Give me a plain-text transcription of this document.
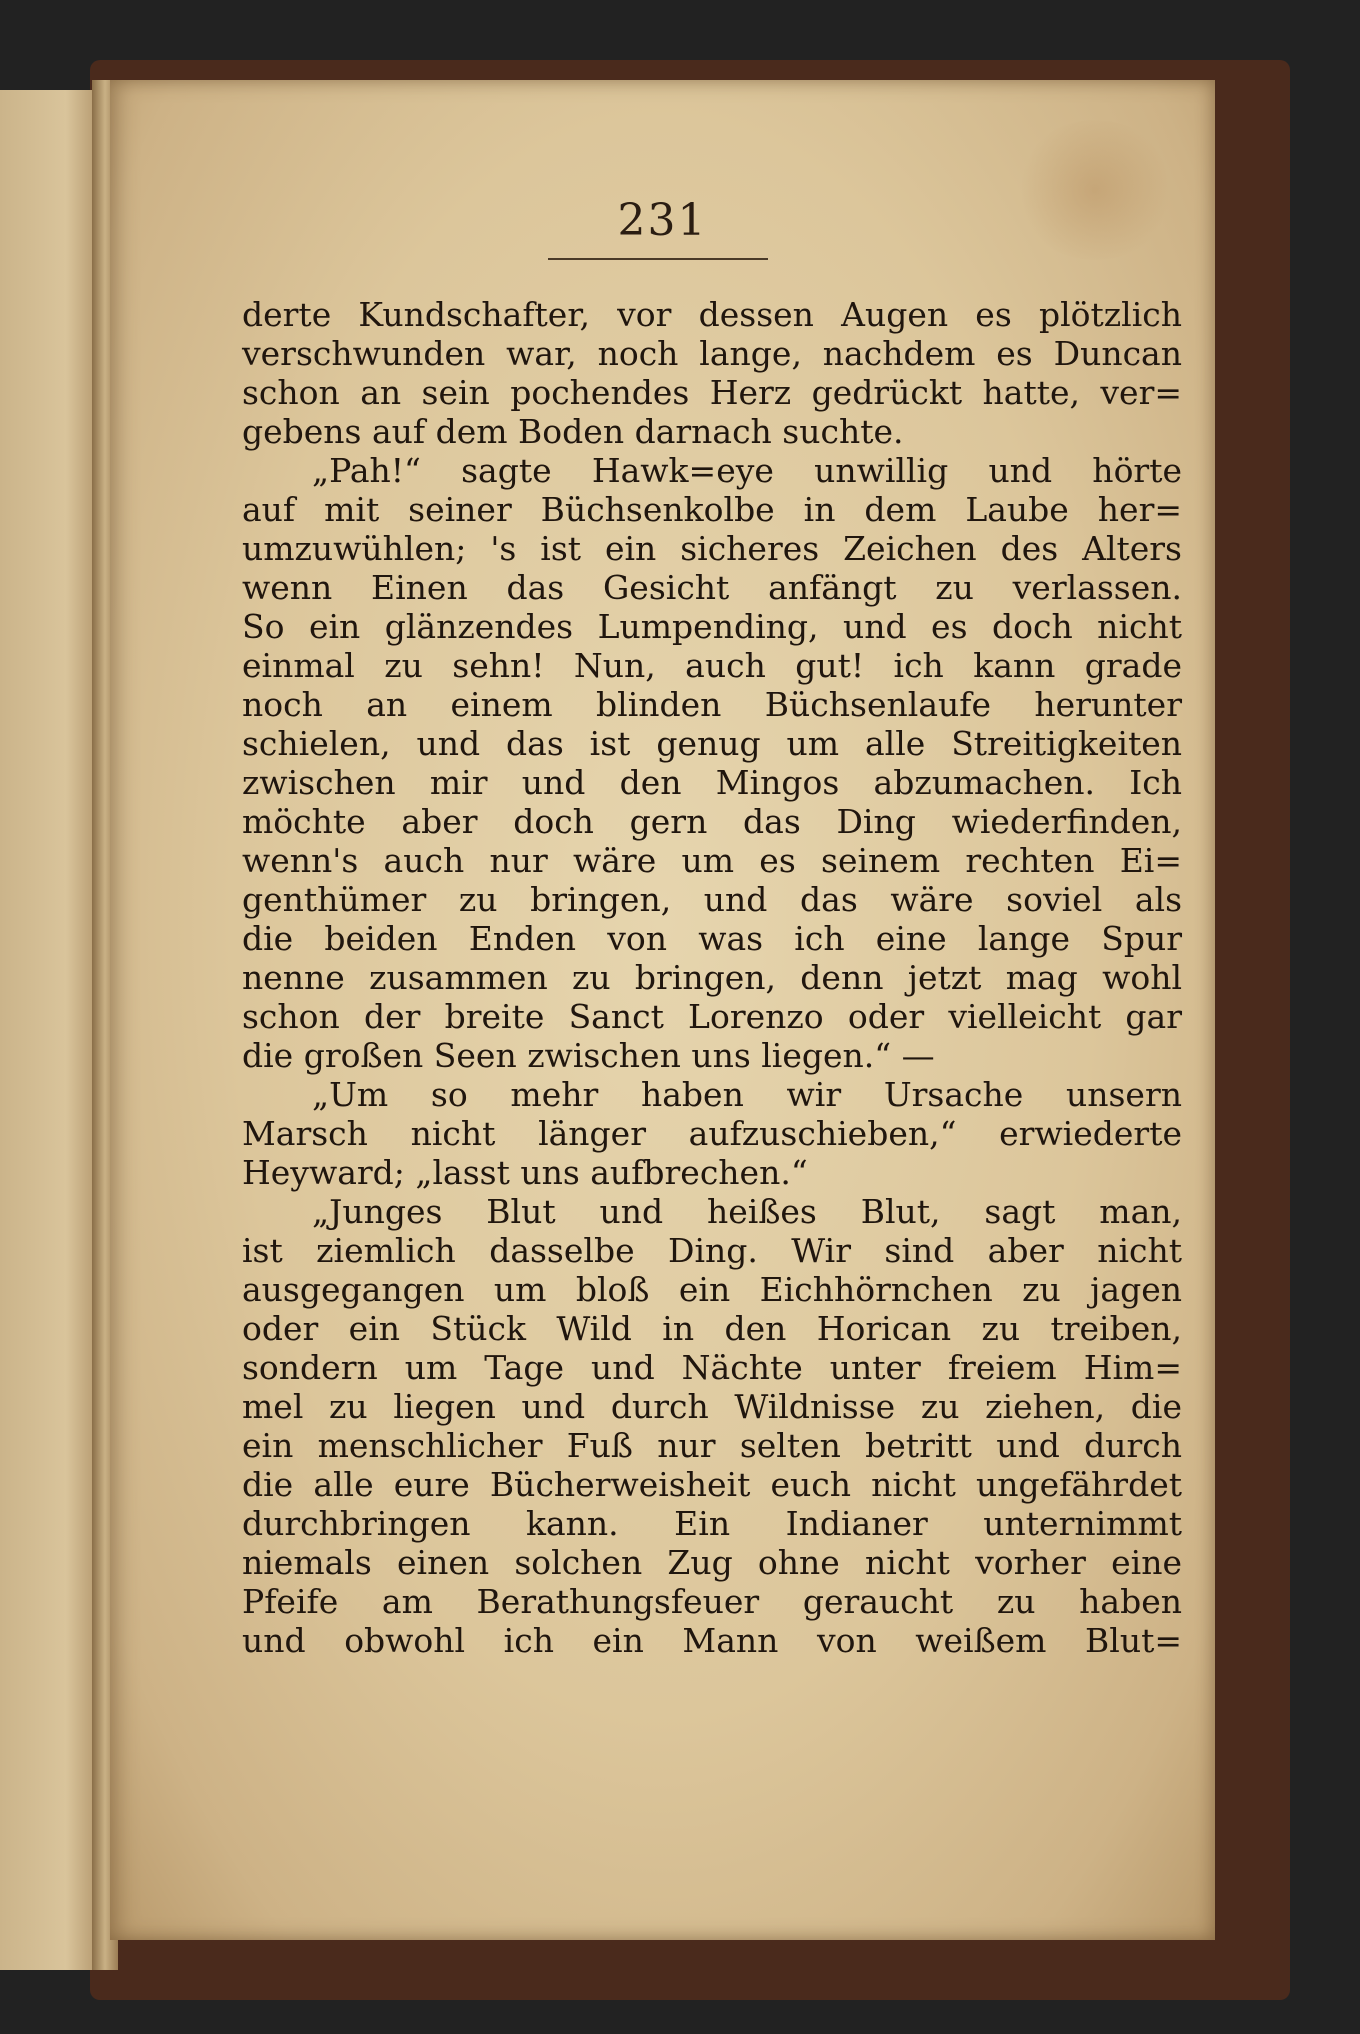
231
derte Kundschafter, vor dessen Augen es plötzlich
verschwunden war, noch lange, nachdem es Duncan
schon an sein pochendes Herz gedrückt hatte, ver=
gebens auf dem Boden darnach suchte.
„Pah!“ sagte Hawk=eye unwillig und hörte
auf mit seiner Büchsenkolbe in dem Laube her=
umzuwühlen; 's ist ein sicheres Zeichen des Alters
wenn Einen das Gesicht anfängt zu verlassen.
So ein glänzendes Lumpending, und es doch nicht
einmal zu sehn! Nun, auch gut! ich kann grade
noch an einem blinden Büchsenlaufe herunter
schielen, und das ist genug um alle Streitigkeiten
zwischen mir und den Mingos abzumachen. Ich
möchte aber doch gern das Ding wiederfinden,
wenn's auch nur wäre um es seinem rechten Ei=
genthümer zu bringen, und das wäre soviel als
die beiden Enden von was ich eine lange Spur
nenne zusammen zu bringen, denn jetzt mag wohl
schon der breite Sanct Lorenzo oder vielleicht gar
die großen Seen zwischen uns liegen.“ —
„Um so mehr haben wir Ursache unsern
Marsch nicht länger aufzuschieben,“ erwiederte
Heyward; „lasst uns aufbrechen.“
„Junges Blut und heißes Blut, sagt man,
ist ziemlich dasselbe Ding. Wir sind aber nicht
ausgegangen um bloß ein Eichhörnchen zu jagen
oder ein Stück Wild in den Horican zu treiben,
sondern um Tage und Nächte unter freiem Him=
mel zu liegen und durch Wildnisse zu ziehen, die
ein menschlicher Fuß nur selten betritt und durch
die alle eure Bücherweisheit euch nicht ungefährdet
durchbringen kann. Ein Indianer unternimmt
niemals einen solchen Zug ohne nicht vorher eine
Pfeife am Berathungsfeuer geraucht zu haben
und obwohl ich ein Mann von weißem Blut=
